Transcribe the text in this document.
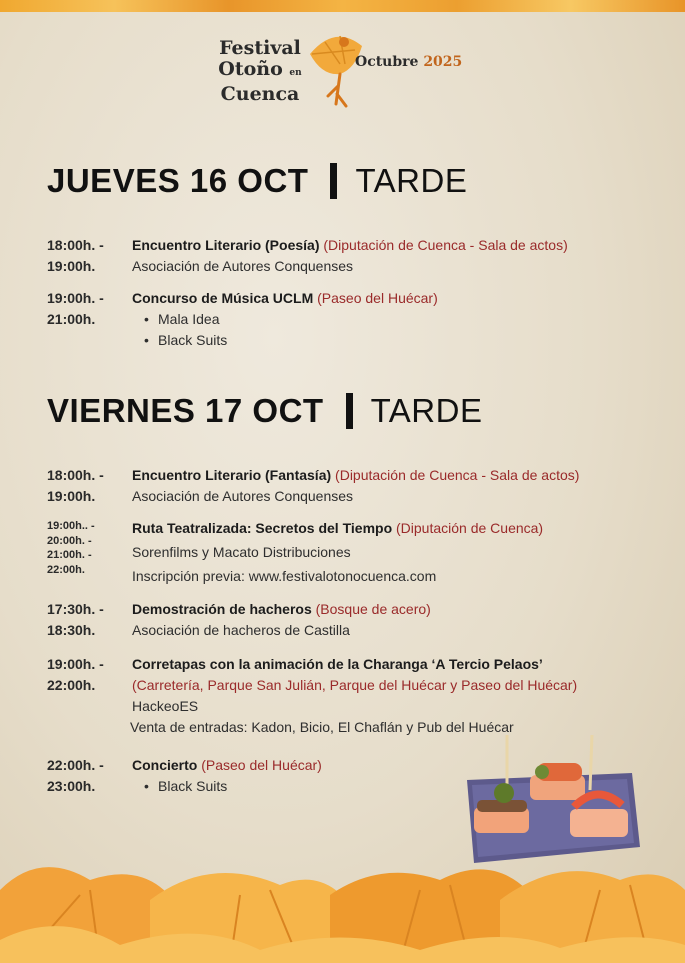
Festival
Otoño en
Cuenca
Octubre 2025
JUEVES 16 OCT TARDE
18:00h. -
19:00h.
Encuentro Literario (Poesía) (Diputación de Cuenca - Sala de actos)
Asociación de Autores Conquenses
19:00h. -
21:00h.
Concurso de Música UCLM (Paseo del Huécar)
• Mala Idea
• Black Suits
VIERNES 17 OCT TARDE
18:00h. -
19:00h.
Encuentro Literario (Fantasía) (Diputación de Cuenca - Sala de actos)
Asociación de Autores Conquenses
19:00h.. -
20:00h. -
21:00h. -
22:00h.
Ruta Teatralizada: Secretos del Tiempo (Diputación de Cuenca)
Sorenfilms y Macato Distribuciones
Inscripción previa: www.festivalotonocuenca.com
17:30h. -
18:30h.
Demostración de hacheros (Bosque de acero)
Asociación de hacheros de Castilla
19:00h. -
22:00h.
Corretapas con la animación de la Charanga ‘A Tercio Pelaos’
(Carretería, Parque San Julián, Parque del Huécar y Paseo del Huécar)
HackeoES
Venta de entradas: Kadon, Bicio, El Chaflán y Pub del Huécar
22:00h. -
23:00h.
Concierto (Paseo del Huécar)
• Black Suits
